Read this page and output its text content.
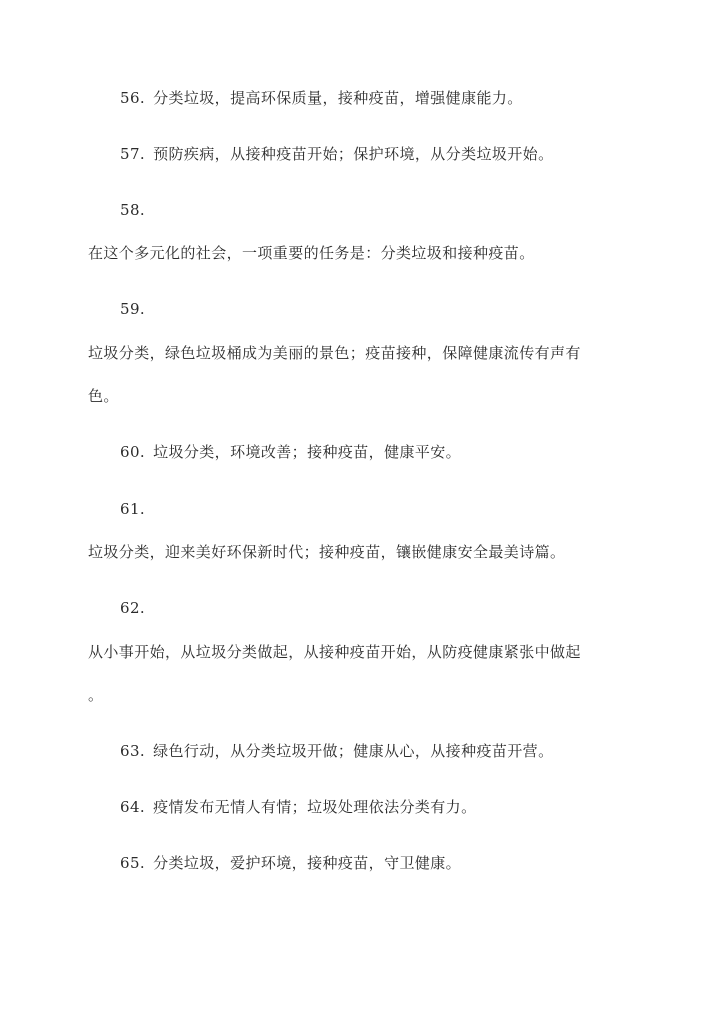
56. 分类垃圾，提高环保质量，接种疫苗，增强健康能力。
57. 预防疾病，从接种疫苗开始；保护环境，从分类垃圾开始。
58.
在这个多元化的社会，一项重要的任务是：分类垃圾和接种疫苗。
59.
垃圾分类，绿色垃圾桶成为美丽的景色；疫苗接种，保障健康流传有声有
色。
60. 垃圾分类，环境改善；接种疫苗，健康平安。
61.
垃圾分类，迎来美好环保新时代；接种疫苗，镶嵌健康安全最美诗篇。
62.
从小事开始，从垃圾分类做起，从接种疫苗开始，从防疫健康紧张中做起
。
63. 绿色行动，从分类垃圾开做；健康从心，从接种疫苗开营。
64. 疫情发布无情人有情；垃圾处理依法分类有力。
65. 分类垃圾，爱护环境，接种疫苗，守卫健康。
